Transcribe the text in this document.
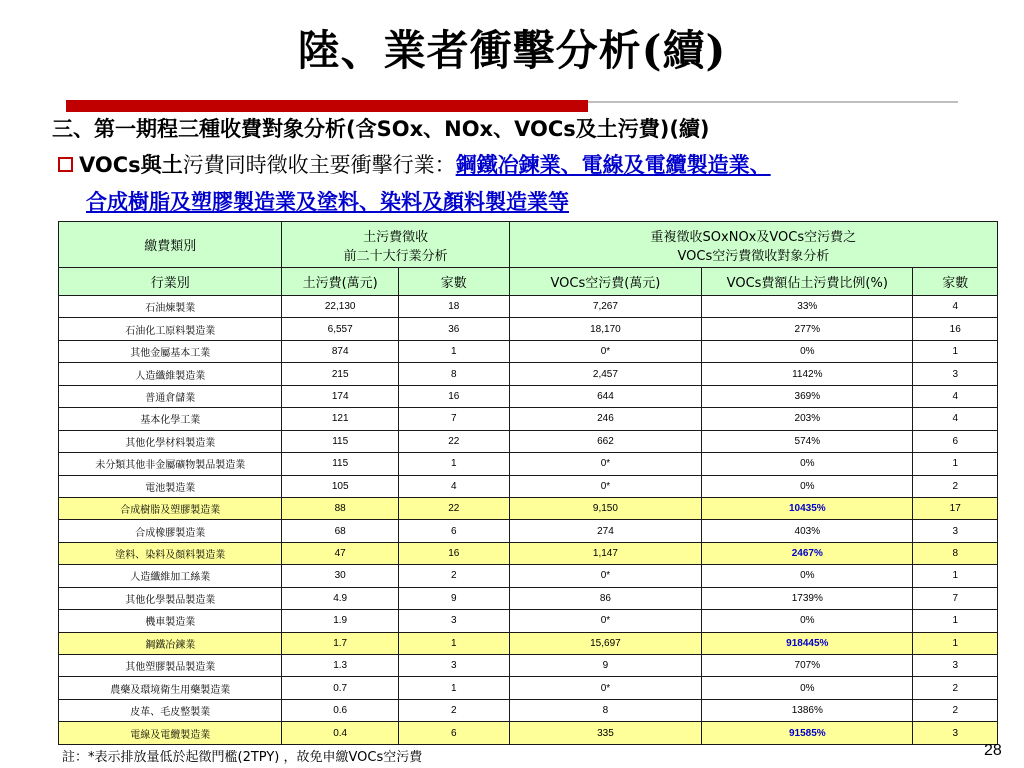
陸、業者衝擊分析(續)
三、第一期程三種收費對象分析(含SOx、NOx、VOCs及土污費)(續)
VOCs與土污費同時徵收主要衝擊行業：鋼鐵冶鍊業、電線及電纜製造業、
合成樹脂及塑膠製造業及塗料、染料及顏料製造業等
繳費類別	土污費徵收
前二十大行業分析		重複徵收SOxNOx及VOCs空污費之
VOCs空污費徵收對象分析		
行業別	土污費(萬元)	家數	VOCs空污費(萬元)	VOCs費額佔土污費比例(%)	家數
石油煉製業	22,130	18	7,267	33%	4
石油化工原料製造業	6,557	36	18,170	277%	16
其他金屬基本工業	874	1	0*	0%	1
人造纖維製造業	215	8	2,457	1142%	3
普通倉儲業	174	16	644	369%	4
基本化學工業	121	7	246	203%	4
其他化學材料製造業	115	22	662	574%	6
未分類其他非金屬礦物製品製造業	115	1	0*	0%	1
電池製造業	105	4	0*	0%	2
合成樹脂及塑膠製造業	88	22	9,150	10435%	17
合成橡膠製造業	68	6	274	403%	3
塗料、染料及顏料製造業	47	16	1,147	2467%	8
人造纖維加工絲業	30	2	0*	0%	1
其他化學製品製造業	4.9	9	86	1739%	7
機車製造業	1.9	3	0*	0%	1
鋼鐵冶鍊業	1.7	1	15,697	918445%	1
其他塑膠製品製造業	1.3	3	9	707%	3
農藥及環境衛生用藥製造業	0.7	1	0*	0%	2
皮革、毛皮整製業	0.6	2	8	1386%	2
電線及電纜製造業	0.4	6	335	91585%	3
註：*表示排放量低於起徵門檻(2TPY) ，故免申繳VOCs空污費	28
